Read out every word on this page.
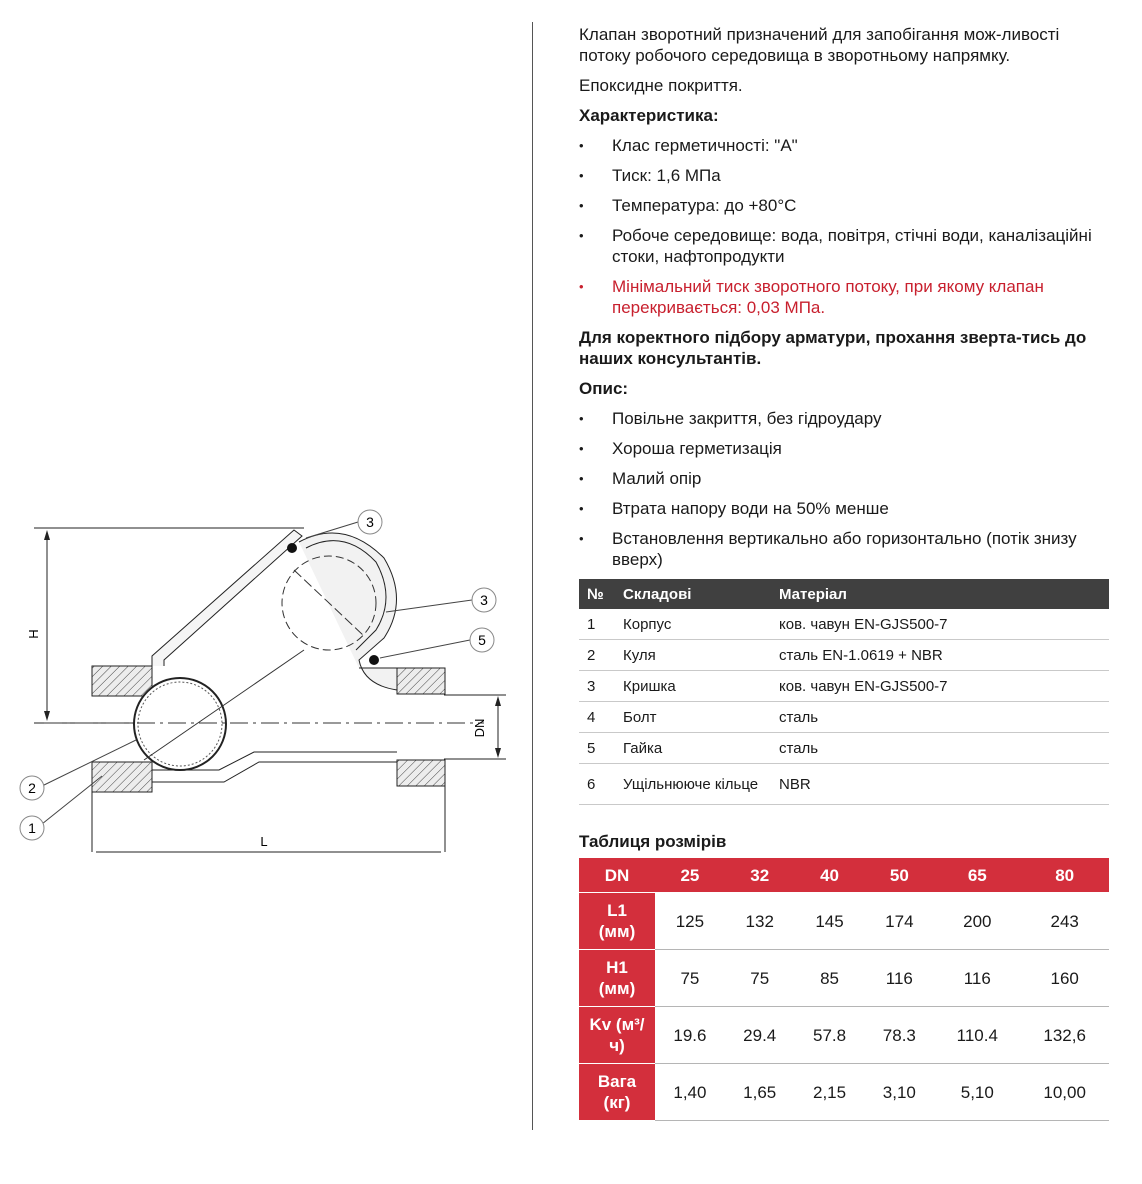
H
DN
L
3
3
5
2
1

Клапан зворотний призначений для запобігання мож-ливості потоку робочого середовища в зворотньому напрямку.

Епоксидне покриття.

Характеристика:

• Клас герметичності: "A"
• Тиск: 1,6 МПа
• Температура: до +80°С
• Робоче середовище: вода, повітря, стічні води, каналізаційні стоки, нафтопродукти
• Мінімальний тиск зворотного потоку, при якому клапан перекривається: 0,03 МПа.

Для коректного підбору арматури, прохання зверта-тись до наших консультантів.

Опис:

• Повільне закриття, без гідроудару
• Хороша герметизація
• Малий опір
• Втрата напору води на 50% менше
• Встановлення вертикально або горизонтально (потік знизу вверх)
№	Складові	Матеріал
1	Корпус	ков. чавун EN-GJS500-7
2	Куля	сталь EN-1.0619 + NBR
3	Кришка	ков. чавун EN-GJS500-7
4	Болт	сталь
5	Гайка	сталь
6	Ущільнююче кільце	NBR
Таблиця розмірів
DN	25	32	40	50	65	80
L1 (мм)	125	132	145	174	200	243
H1 (мм)	75	75	85	116	116	160
Kv (м³/ч)	19.6	29.4	57.8	78.3	110.4	132,6
Вага (кг)	1,40	1,65	2,15	3,10	5,10	10,00
